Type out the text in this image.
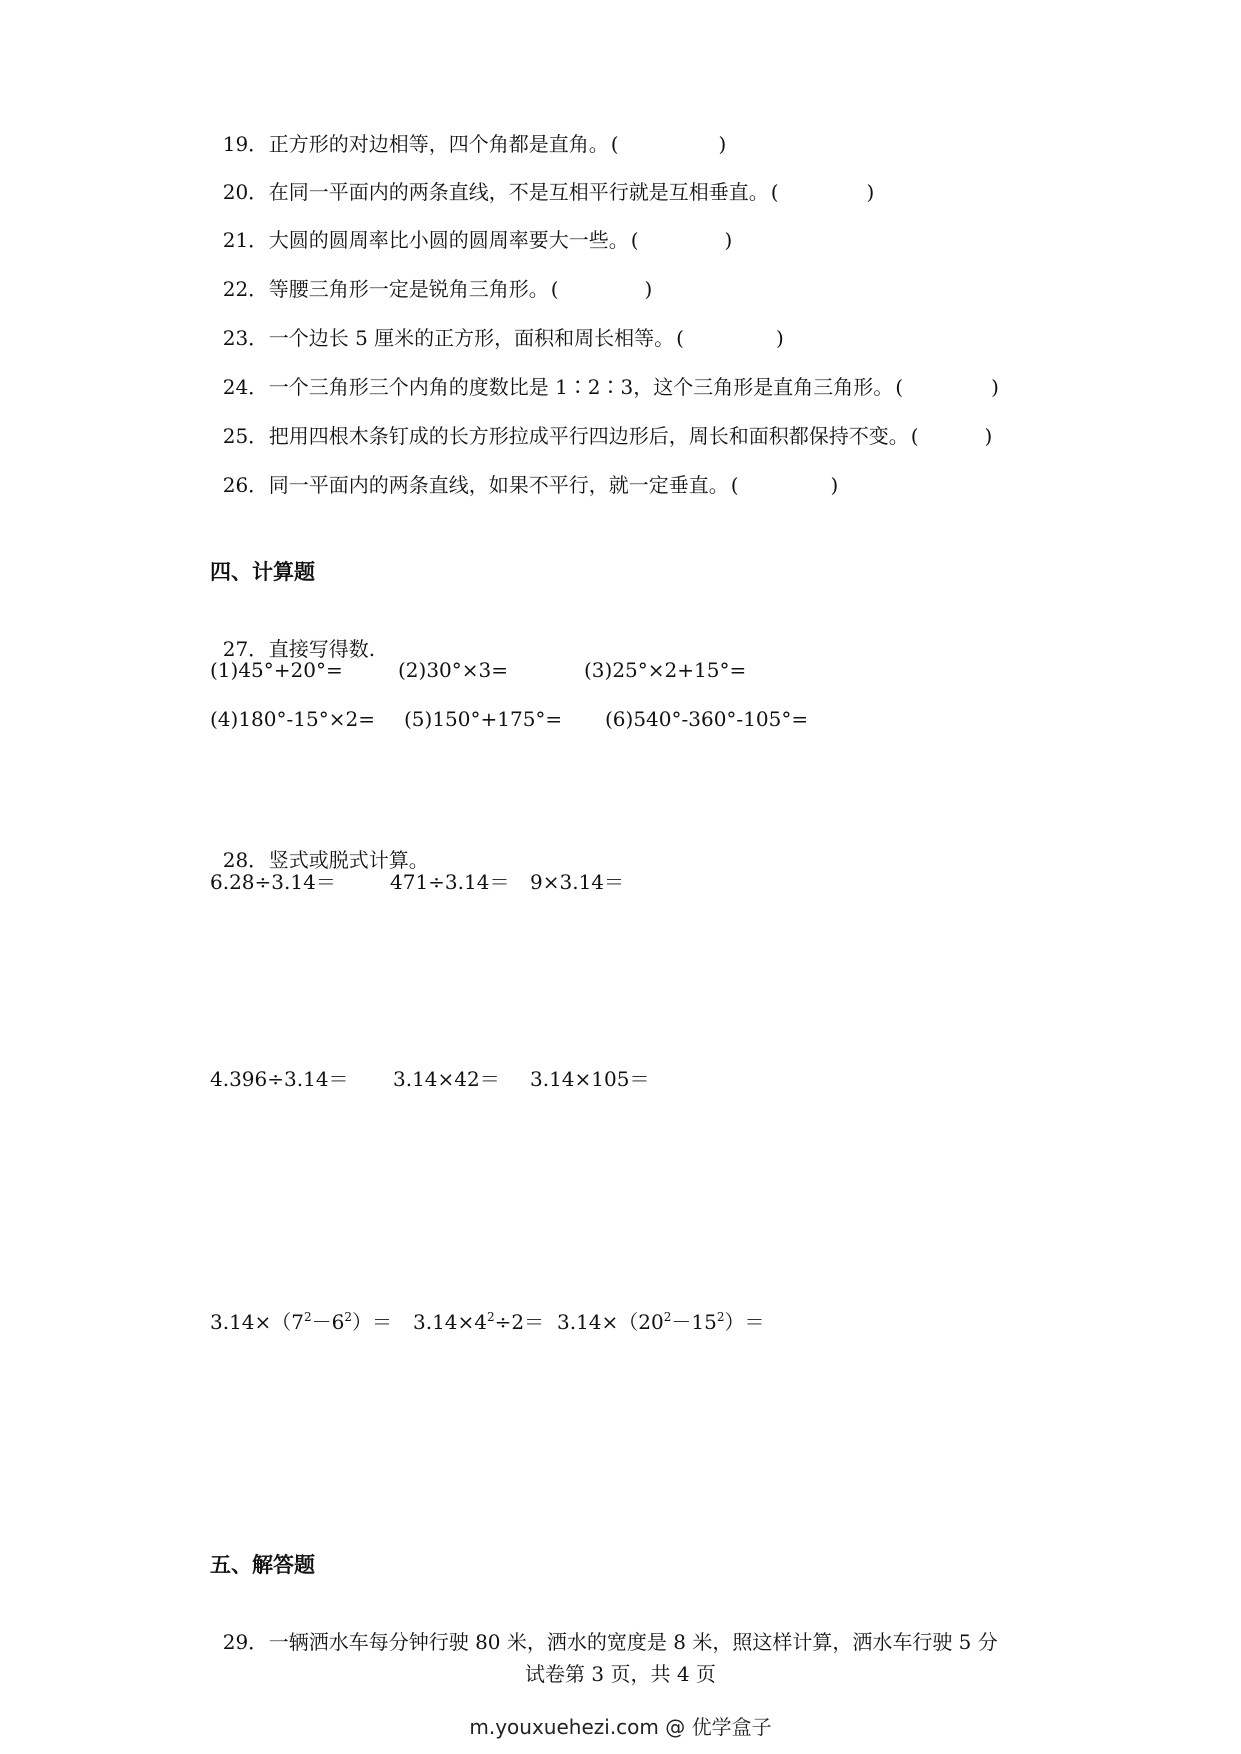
19．正方形的对边相等，四个角都是直角。 (	)

20．在同一平面内的两条直线，不是互相平行就是互相垂直。 (	)

21．大圆的圆周率比小圆的圆周率要大一些。 (	)

22．等腰三角形一定是锐角三角形。 (	)

23．一个边长 5 厘米的正方形，面积和周长相等。 (	)

24．一个三角形三个内角的度数比是 1∶2∶3，这个三角形是直角三角形。 (	)

25．把用四根木条钉成的长方形拉成平行四边形后，周长和面积都保持不变。 (	)

26．同一平面内的两条直线，如果不平行，就一定垂直。 (	)

四、计算题

27．直接写得数.

(1)45°+20°=

	(2)30°×3=

	(3)25°×2+15°=

(4)180°-15°×2=

(5)150°+175°=

(6)540°-360°-105°=

28．竖式或脱式计算。

6.28÷3.14＝

	471÷3.14＝

9×3.14＝

4.396÷3.14＝

3.14×42＝

3.14×105＝

$3.14\times(7^2-6^2)=$

$3.14\times 4^2\div 2=$

$3.14\times(20^2-15^2)=$

五、解答题

29．一辆洒水车每分钟行驶 80 米，洒水的宽度是 8 米，照这样计算，洒水车行驶 5 分

试卷第 3 页，共 4 页
m.youxuehezi.com @ 优学盒子
